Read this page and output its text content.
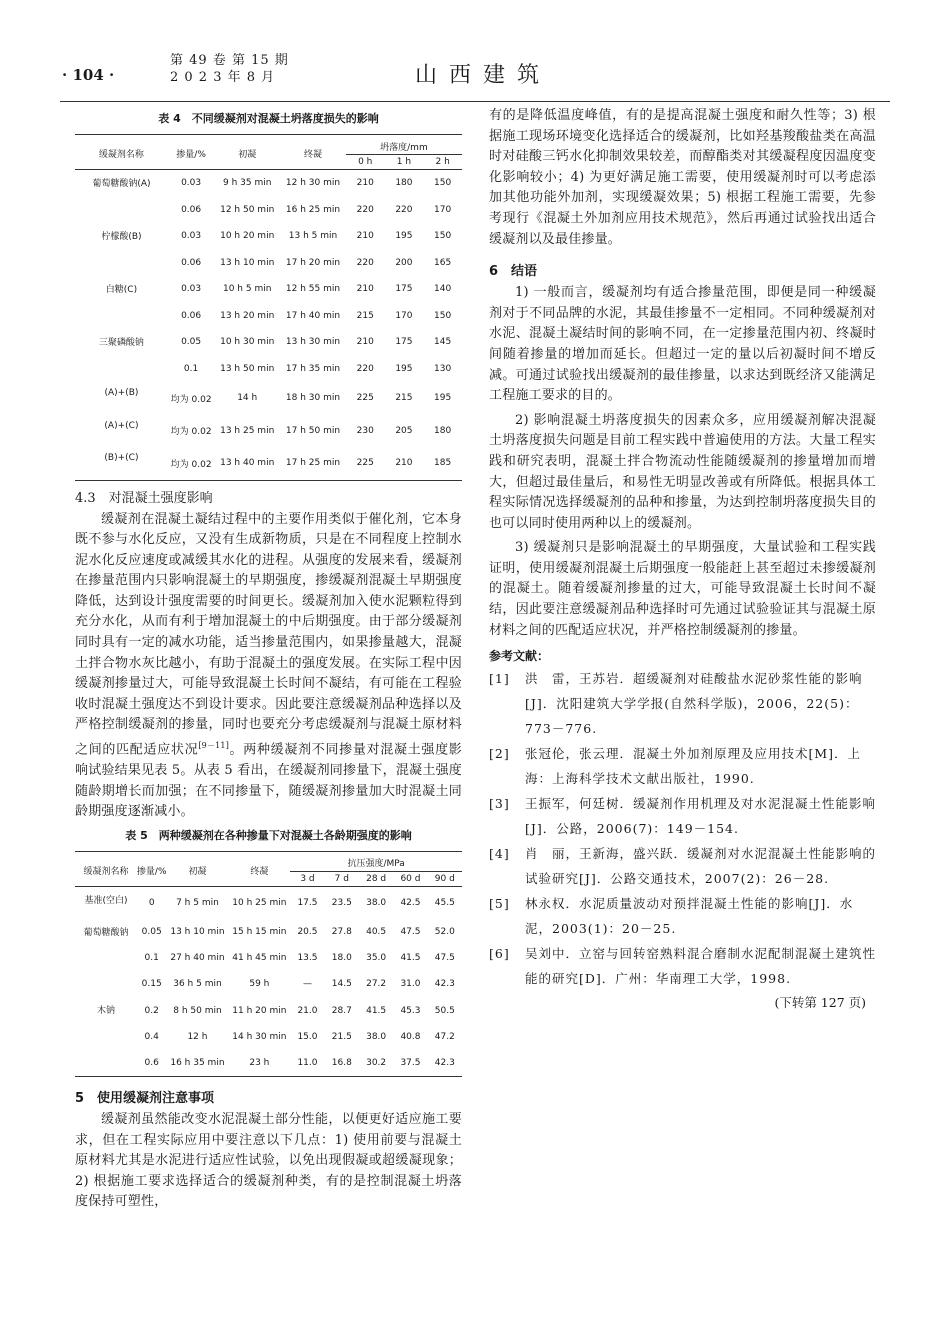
· 104 ·
第 49 卷 第 15 期
2 0 2 3 年 8 月	山西建筑
表 4　不同缓凝剂对混凝土坍落度损失的影响
缓凝剂名称	掺量/%	初凝	终凝	坍落度/mm		
				0 h	1 h	2 h
葡萄糖酸钠(A)	0.03	9 h 35 min	12 h 30 min	210	180	150
	0.06	12 h 50 min	16 h 25 min	220	220	170
柠檬酸(B)	0.03	10 h 20 min	13 h 5 min	210	195	150
	0.06	13 h 10 min	17 h 20 min	220	200	165
白糖(C)	0.03	10 h 5 min	12 h 55 min	210	175	140
	0.06	13 h 20 min	17 h 40 min	215	170	150
三聚磷酸钠	0.05	10 h 30 min	13 h 30 min	210	175	145
	0.1	13 h 50 min	17 h 35 min	220	195	130
(A)+(B)	均为 0.02	14 h	18 h 30 min	225	215	195
(A)+(C)	均为 0.02	13 h 25 min	17 h 50 min	230	205	180
(B)+(C)	均为 0.02	13 h 40 min	17 h 25 min	225	210	185
4.3　对混凝土强度影响

缓凝剂在混凝土凝结过程中的主要作用类似于催化剂，它本身既不参与水化反应，又没有生成新物质，只是在不同程度上控制水泥水化反应速度或减缓其水化的进程。从强度的发展来看，缓凝剂在掺量范围内只影响混凝土的早期强度，掺缓凝剂混凝土早期强度降低，达到设计强度需要的时间更长。缓凝剂加入使水泥颗粒得到充分水化，从而有利于增加混凝土的中后期强度。由于部分缓凝剂同时具有一定的减水功能，适当掺量范围内，如果掺量越大，混凝土拌合物水灰比越小，有助于混凝土的强度发展。在实际工程中因缓凝剂掺量过大，可能导致混凝土长时间不凝结，有可能在工程验收时混凝土强度达不到设计要求。因此要注意缓凝剂品种选择以及严格控制缓凝剂的掺量，同时也要充分考虑缓凝剂与混凝土原材料之间的匹配适应状况[9－11]。两种缓凝剂不同掺量对混凝土强度影响试验结果见表 5。从表 5 看出，在缓凝剂同掺量下，混凝土强度随龄期增长而加强；在不同掺量下，随缓凝剂掺量加大时混凝土同龄期强度逐渐减小。

表 5　两种缓凝剂在各种掺量下对混凝土各龄期强度的影响
缓凝剂名称	掺量/%	初凝	终凝	抗压强度/MPa				
				3 d	7 d	28 d	60 d	90 d
基准(空白)	0	7 h 5 min	10 h 25 min	17.5	23.5	38.0	42.5	45.5
葡萄糖酸钠	0.05	13 h 10 min	15 h 15 min	20.5	27.8	40.5	47.5	52.0
	0.1	27 h 40 min	41 h 45 min	13.5	18.0	35.0	41.5	47.5
	0.15	36 h 5 min	59 h	—	14.5	27.2	31.0	42.3
木钠	0.2	8 h 50 min	11 h 20 min	21.0	28.7	41.5	45.3	50.5
	0.4	12 h	14 h 30 min	15.0	21.5	38.0	40.8	47.2
	0.6	16 h 35 min	23 h	11.0	16.8	30.2	37.5	42.3
5　使用缓凝剂注意事项

缓凝剂虽然能改变水泥混凝土部分性能，以便更好适应施工要求，但在工程实际应用中要注意以下几点：1) 使用前要与混凝土原材料尤其是水泥进行适应性试验，以免出现假凝或超缓凝现象；2) 根据施工要求选择适合的缓凝剂种类，有的是控制混凝土坍落度保持可塑性，

有的是降低温度峰值，有的是提高混凝土强度和耐久性等；3) 根据施工现场环境变化选择适合的缓凝剂，比如羟基羧酸盐类在高温时对硅酸三钙水化抑制效果较差，而醇酯类对其缓凝程度因温度变化影响较小；4) 为更好满足施工需要，使用缓凝剂时可以考虑添加其他功能外加剂，实现缓凝效果；5) 根据工程施工需要，先参考现行《混凝土外加剂应用技术规范》，然后再通过试验找出适合缓凝剂以及最佳掺量。

6　结语

1) 一般而言，缓凝剂均有适合掺量范围，即便是同一种缓凝剂对于不同品牌的水泥，其最佳掺量不一定相同。不同种缓凝剂对水泥、混凝土凝结时间的影响不同，在一定掺量范围内初、终凝时间随着掺量的增加而延长。但超过一定的量以后初凝时间不增反减。可通过试验找出缓凝剂的最佳掺量，以求达到既经济又能满足工程施工要求的目的。

2) 影响混凝土坍落度损失的因素众多，应用缓凝剂解决混凝土坍落度损失问题是目前工程实践中普遍使用的方法。大量工程实践和研究表明，混凝土拌合物流动性能随缓凝剂的掺量增加而增大，但超过最佳量后，和易性无明显改善或有所降低。根据具体工程实际情况选择缓凝剂的品种和掺量，为达到控制坍落度损失目的也可以同时使用两种以上的缓凝剂。

3) 缓凝剂只是影响混凝土的早期强度，大量试验和工程实践证明，使用缓凝剂混凝土后期强度一般能赶上甚至超过未掺缓凝剂的混凝土。随着缓凝剂掺量的过大，可能导致混凝土长时间不凝结，因此要注意缓凝剂品种选择时可先通过试验验证其与混凝土原材料之间的匹配适应状况，并严格控制缓凝剂的掺量。

参考文献：
[1]	洪　雷，王苏岩．超缓凝剂对硅酸盐水泥砂浆性能的影响[J]．沈阳建筑大学学报(自然科学版)，2006，22(5)：773－776.
[2]	张冠伦，张云理．混凝土外加剂原理及应用技术[M]．上海：上海科学技术文献出版社，1990.
[3]	王振军，何廷树．缓凝剂作用机理及对水泥混凝土性能影响[J]．公路，2006(7)：149－154.
[4]	肖　丽，王新海，盛兴跃．缓凝剂对水泥混凝土性能影响的试验研究[J]．公路交通技术，2007(2)：26－28.
[5]	林永权．水泥质量波动对预拌混凝土性能的影响[J]．水泥，2003(1)：20－25.
[6]	吴刘中．立窑与回转窑熟料混合磨制水泥配制混凝土建筑性能的研究[D]．广州：华南理工大学，1998.
(下转第 127 页)
